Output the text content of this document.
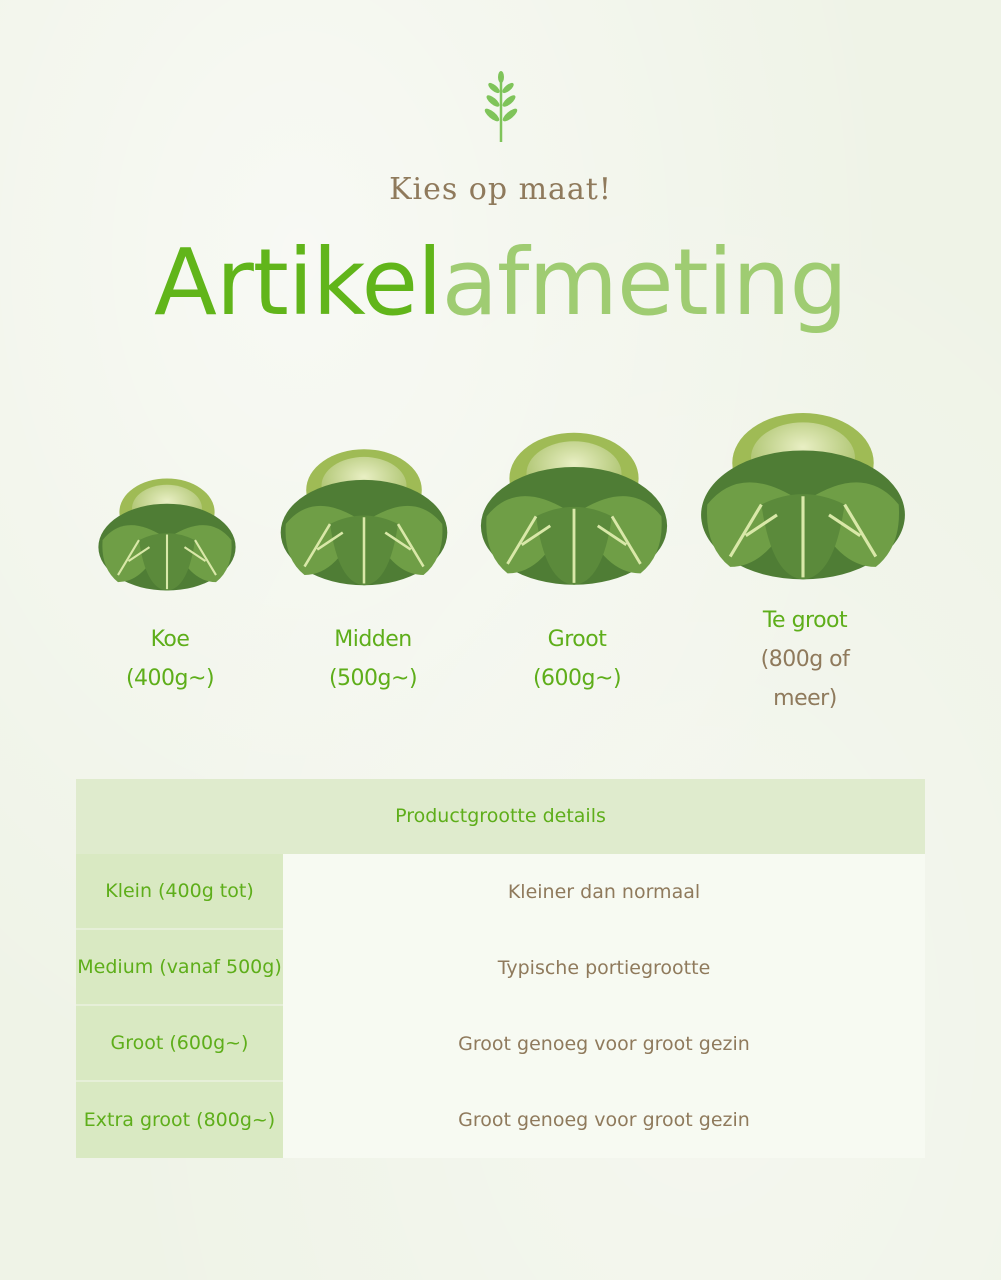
Kies op maat!
Artikelafmeting
Koe
(400g~)
Midden
(500g~)
Groot
(600g~)
Te groot
(800g of
meer)
Productgrootte details
Klein (400g tot)	Kleiner dan normaal
Medium (vanaf 500g)	Typische portiegrootte
Groot (600g~)	Groot genoeg voor groot gezin
Extra groot (800g~)	Groot genoeg voor groot gezin
